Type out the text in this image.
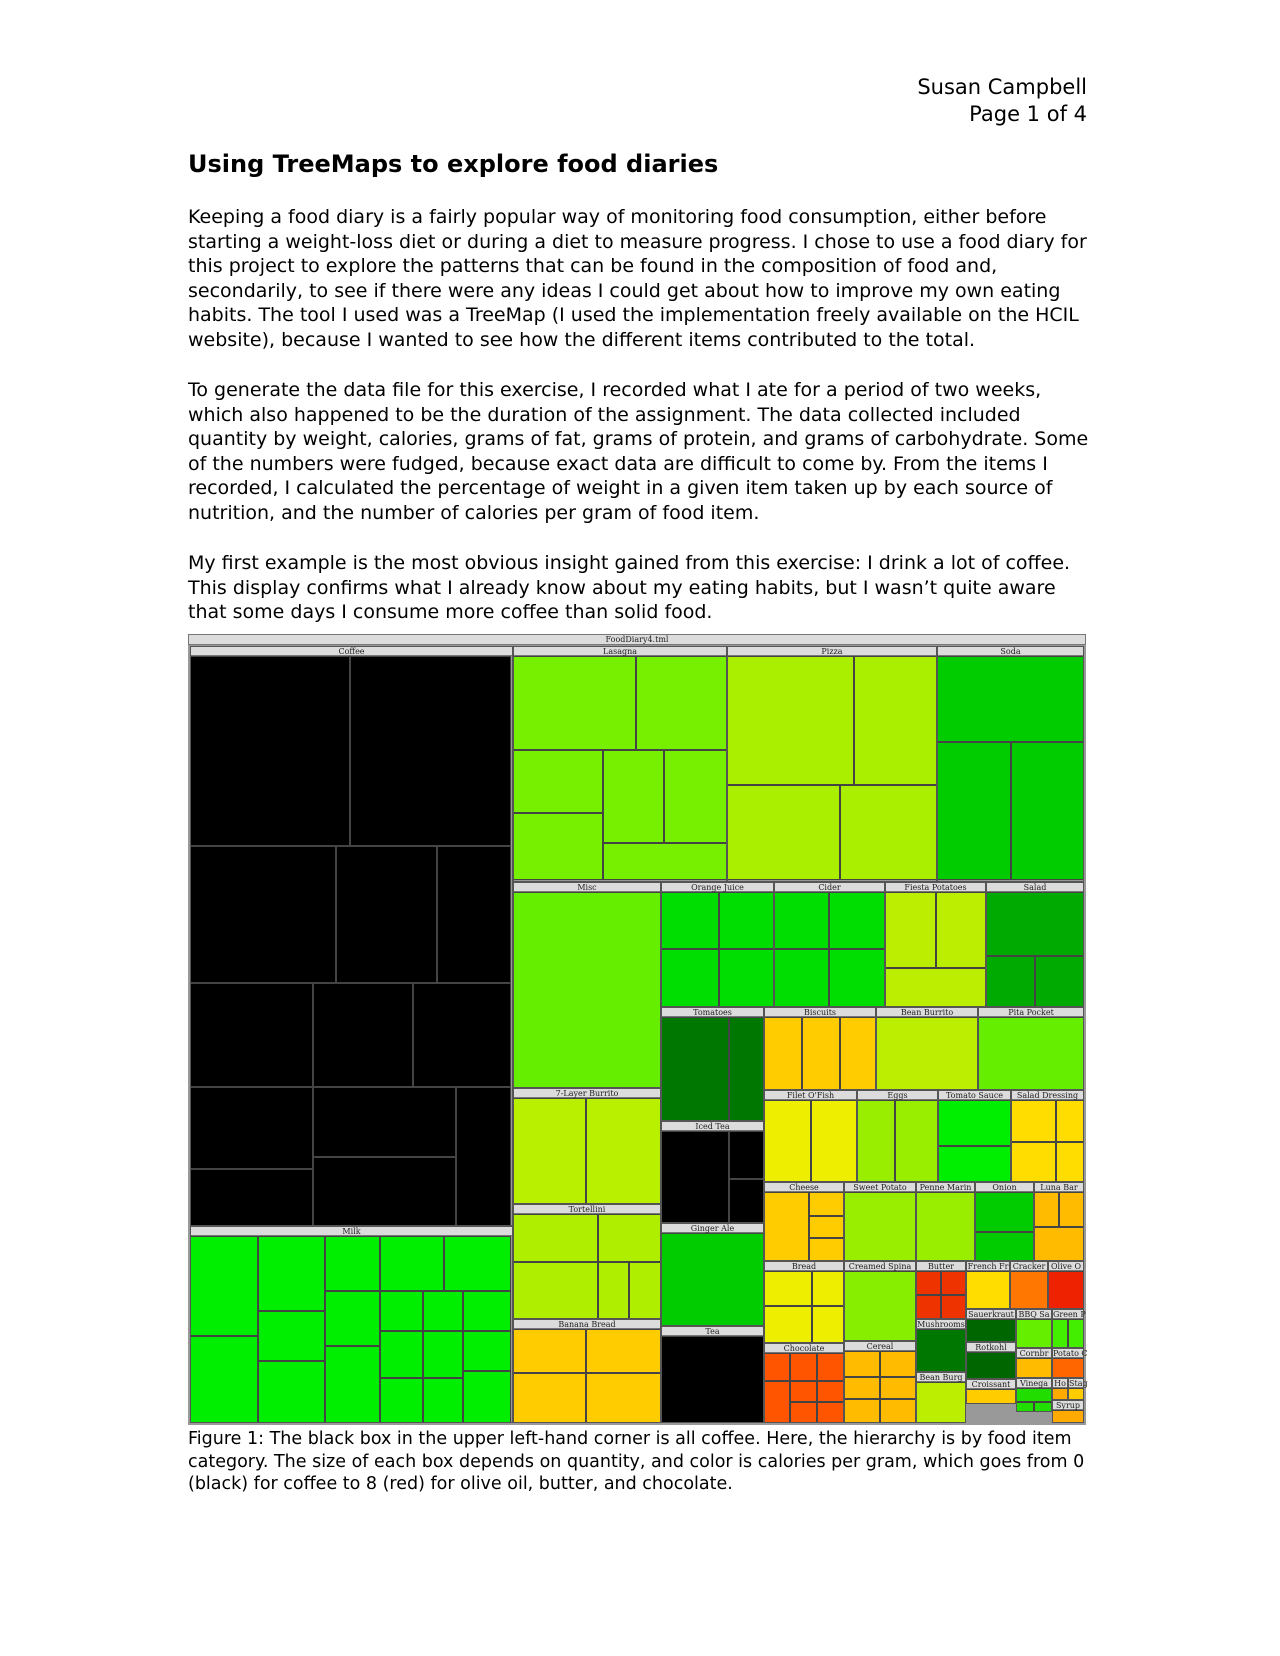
Susan Campbell
Page 1 of 4
Using TreeMaps to explore food diaries

Keeping a food diary is a fairly popular way of monitoring food consumption, either before starting a weight-loss diet or during a diet to measure progress. I chose to use a food diary for this project to explore the patterns that can be found in the composition of food and, secondarily, to see if there were any ideas I could get about how to improve my own eating habits. The tool I used was a TreeMap (I used the implementation freely available on the HCIL website), because I wanted to see how the different items contributed to the total.

To generate the data file for this exercise, I recorded what I ate for a period of two weeks, which also happened to be the duration of the assignment. The data collected included quantity by weight, calories, grams of fat, grams of protein, and grams of carbohydrate. Some of the numbers were fudged, because exact data are difficult to come by. From the items I recorded, I calculated the percentage of weight in a given item taken up by each source of nutrition, and the number of calories per gram of food item.

My first example is the most obvious insight gained from this exercise: I drink a lot of coffee. This display confirms what I already know about my eating habits, but I wasn’t quite aware that some days I consume more coffee than solid food.

FoodDiary4.tml
Coffee
Milk
Lasagna	Pizza	Soda
Misc
7-Layer Burrito
Tortellini
Banana Bread
Orange Juice	Cider	Fiesta Potatoes	Salad
Tomatoes	Biscuits	Bean Burrito	Pita Pocket
Iced Tea
Ginger Ale
Tea
Filet O'Fish	Eggs	Tomato Sauce	Salad Dressing
Cheese	Sweet Potato	Penne Marin	Onion	Luna Bar
Bread	Creamed Spina	Butter	French Fr Cracker Olive O
Sauerkraut BBQ Sa Green P
Mushrooms
Chocolate	Cereal	Rotkohl
Cornbr Potato C
Bean Burg
Ho Stag
Croissant	Vinega
Syrup

Figure 1: The black box in the upper left-hand corner is all coffee. Here, the hierarchy is by food item category. The size of each box depends on quantity, and color is calories per gram, which goes from 0 (black) for coffee to 8 (red) for olive oil, butter, and chocolate.
